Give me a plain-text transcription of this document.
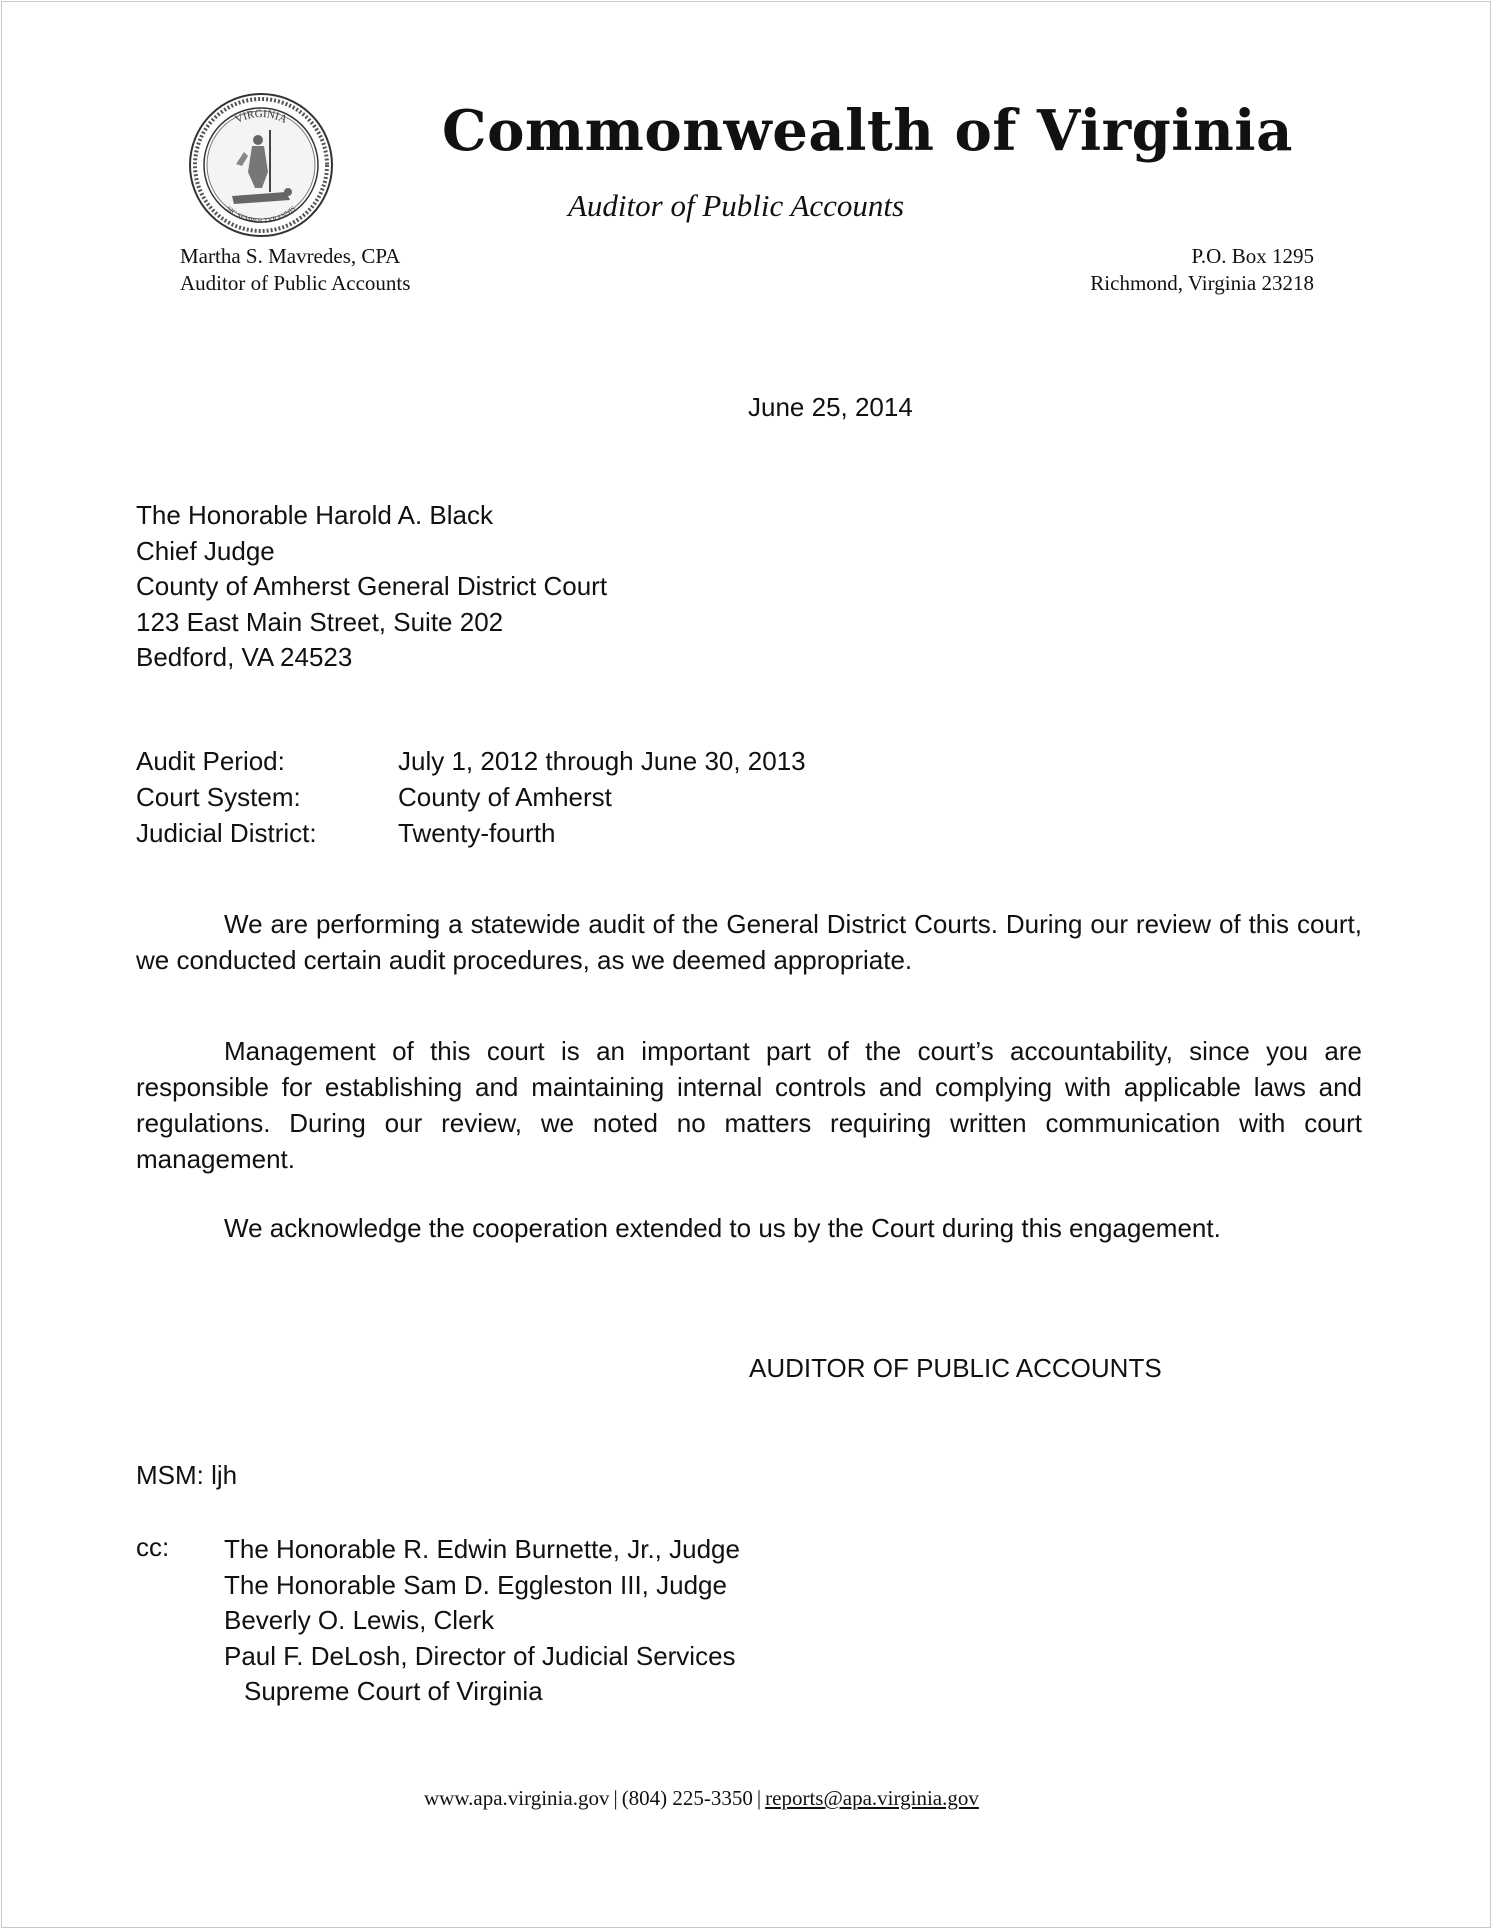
VIRGINIA
SIC SEMPER TYRANNIS
Commonwealth of Virginia
Auditor of Public Accounts
Martha S. Mavredes, CPA
Auditor of Public Accounts
P.O. Box 1295
Richmond, Virginia 23218
June 25, 2014
The Honorable Harold A. Black
Chief Judge
County of Amherst General District Court
123 East Main Street, Suite 202
Bedford, VA 24523
Audit Period:	July 1, 2012 through June 30, 2013
Court System:	County of Amherst
Judicial District:	Twenty-fourth

We are performing a statewide audit of the General District Courts. During our review of this court, we conducted certain audit procedures, as we deemed appropriate.

Management of this court is an important part of the court’s accountability, since you are responsible for establishing and maintaining internal controls and complying with applicable laws and regulations. During our review, we noted no matters requiring written communication with court management.

We acknowledge the cooperation extended to us by the Court during this engagement.

AUDITOR OF PUBLIC ACCOUNTS
MSM: ljh
cc: The Honorable R. Edwin Burnette, Jr., Judge
The Honorable Sam D. Eggleston III, Judge
Beverly O. Lewis, Clerk
Paul F. DeLosh, Director of Judicial Services
Supreme Court of Virginia
www.apa.virginia.gov | (804) 225-3350 | reports@apa.virginia.gov
